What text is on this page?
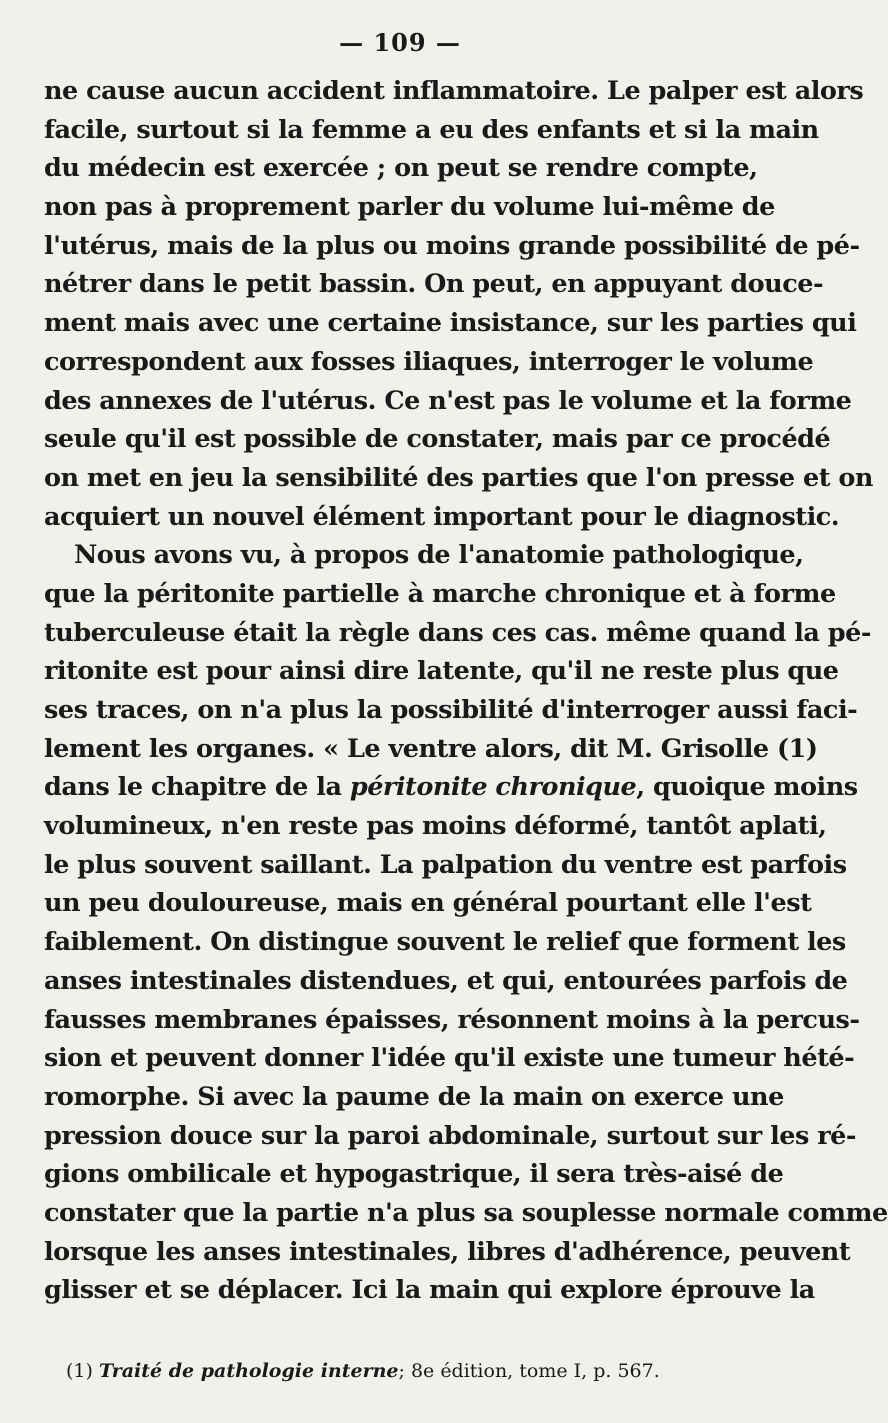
— 109 —
ne cause aucun accident inflammatoire. Le palper est alors
facile, surtout si la femme a eu des enfants et si la main
du médecin est exercée ; on peut se rendre compte,
non pas à proprement parler du volume lui-même de
l'utérus, mais de la plus ou moins grande possibilité de pé-
nétrer dans le petit bassin. On peut, en appuyant douce-
ment mais avec une certaine insistance, sur les parties qui
correspondent aux fosses iliaques, interroger le volume
des annexes de l'utérus. Ce n'est pas le volume et la forme
seule qu'il est possible de constater, mais par ce procédé
on met en jeu la sensibilité des parties que l'on presse et on
acquiert un nouvel élément important pour le diagnostic.
Nous avons vu, à propos de l'anatomie pathologique,
que la péritonite partielle à marche chronique et à forme
tuberculeuse était la règle dans ces cas. même quand la pé-
ritonite est pour ainsi dire latente, qu'il ne reste plus que
ses traces, on n'a plus la possibilité d'interroger aussi faci-
lement les organes. « Le ventre alors, dit M. Grisolle (1)
dans le chapitre de la péritonite chronique, quoique moins
volumineux, n'en reste pas moins déformé, tantôt aplati,
le plus souvent saillant. La palpation du ventre est parfois
un peu douloureuse, mais en général pourtant elle l'est
faiblement. On distingue souvent le relief que forment les
anses intestinales distendues, et qui, entourées parfois de
fausses membranes épaisses, résonnent moins à la percus-
sion et peuvent donner l'idée qu'il existe une tumeur hété-
romorphe. Si avec la paume de la main on exerce une
pression douce sur la paroi abdominale, surtout sur les ré-
gions ombilicale et hypogastrique, il sera très-aisé de
constater que la partie n'a plus sa souplesse normale comme
lorsque les anses intestinales, libres d'adhérence, peuvent
glisser et se déplacer. Ici la main qui explore éprouve la
(1) Traité de pathologie interne; 8e édition, tome I, p. 567.
